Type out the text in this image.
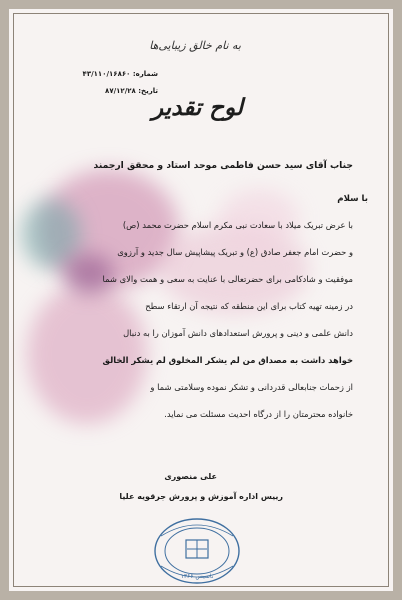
به نام خالق زیبایی‌ها
شماره: ۴۳/۱۱۰/۱۶۸۶۰
تاریخ: ۸۷/۱۲/۲۸
لوح تقدیر
جناب آقای سید حسن فاطمی موحد استاد و محقق ارجمند
با سلام
با عرض تبریک میلاد با سعادت نبی مکرم اسلام حضرت محمد (ص)
و حضرت امام جعفر صادق (ع) و تبریک پیشاپیش سال جدید و آرزوی
موفقیت و شادکامی برای حضرتعالی با عنایت به سعی و همت والای شما
در زمینه تهیه کتاب برای این منطقه که نتیجه آن ارتقاء سطح
دانش علمی و دینی و پرورش استعدادهای دانش آموزان را به دنبال
خواهد داشت به مصداق من لم یشکر المخلوق لم یشکر الخالق
از زحمات جنابعالی قدردانی و تشکر نموده وسلامتی شما و
خانواده محترمتان را از درگاه احدیت مسئلت می نماید.
علی منصوری
رییس اداره آموزش و پرورش جرقویه علیا
تاسیس ۱۳۶۶
